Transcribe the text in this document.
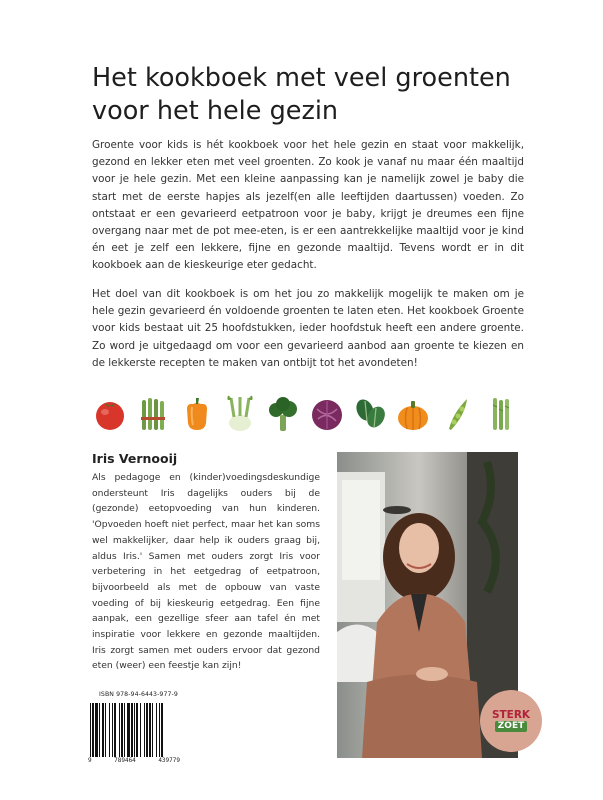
Het kookboek met veel groenten
voor het hele gezin

Groente voor kids is hét kookboek voor het hele gezin en staat voor makkelijk, gezond en lekker eten met veel groenten. Zo kook je vanaf nu maar één maaltijd voor je hele gezin. Met een kleine aanpassing kan je namelijk zowel je baby die start met de eerste hapjes als jezelf(en alle leeftijden daartussen) voeden. Zo ontstaat er een gevarieerd eetpatroon voor je baby, krijgt je dreumes een fijne overgang naar met de pot mee-eten, is er een aantrekkelijke maaltijd voor je kind én eet je zelf een lekkere, fijne en gezonde maaltijd. Tevens wordt er in dit kookboek aan de kieskeurige eter gedacht.

Het doel van dit kookboek is om het jou zo makkelijk mogelijk te maken om je hele gezin gevarieerd én voldoende groenten te laten eten. Het kookboek Groente voor kids bestaat uit 25 hoofdstukken, ieder hoofdstuk heeft een andere groente. Zo word je uitgedaagd om voor een gevarieerd aanbod aan groente te kiezen en de lekkerste recepten te maken van ontbijt tot het avondeten!

Iris Vernooij

Als pedagoge en (kinder)voedingsdeskundige ondersteunt Iris dagelijks ouders bij de (gezonde) eetopvoeding van hun kinderen. 'Opvoeden hoeft niet perfect, maar het kan soms wel makkelijker, daar help ik ouders graag bij, aldus Iris.' Samen met ouders zorgt Iris voor verbetering in het eetgedrag of eetpatroon, bijvoorbeeld als met de opbouw van vaste voeding of bij kieskeurig eetgedrag. Een fijne aanpak, een gezellige sfeer aan tafel én met inspiratie voor lekkere en gezonde maaltijden. Iris zorgt samen met ouders ervoor dat gezond eten (weer) een feestje kan zijn!

STERK
ZOET
ISBN 978-94-6443-977-9
9	789464	439779
